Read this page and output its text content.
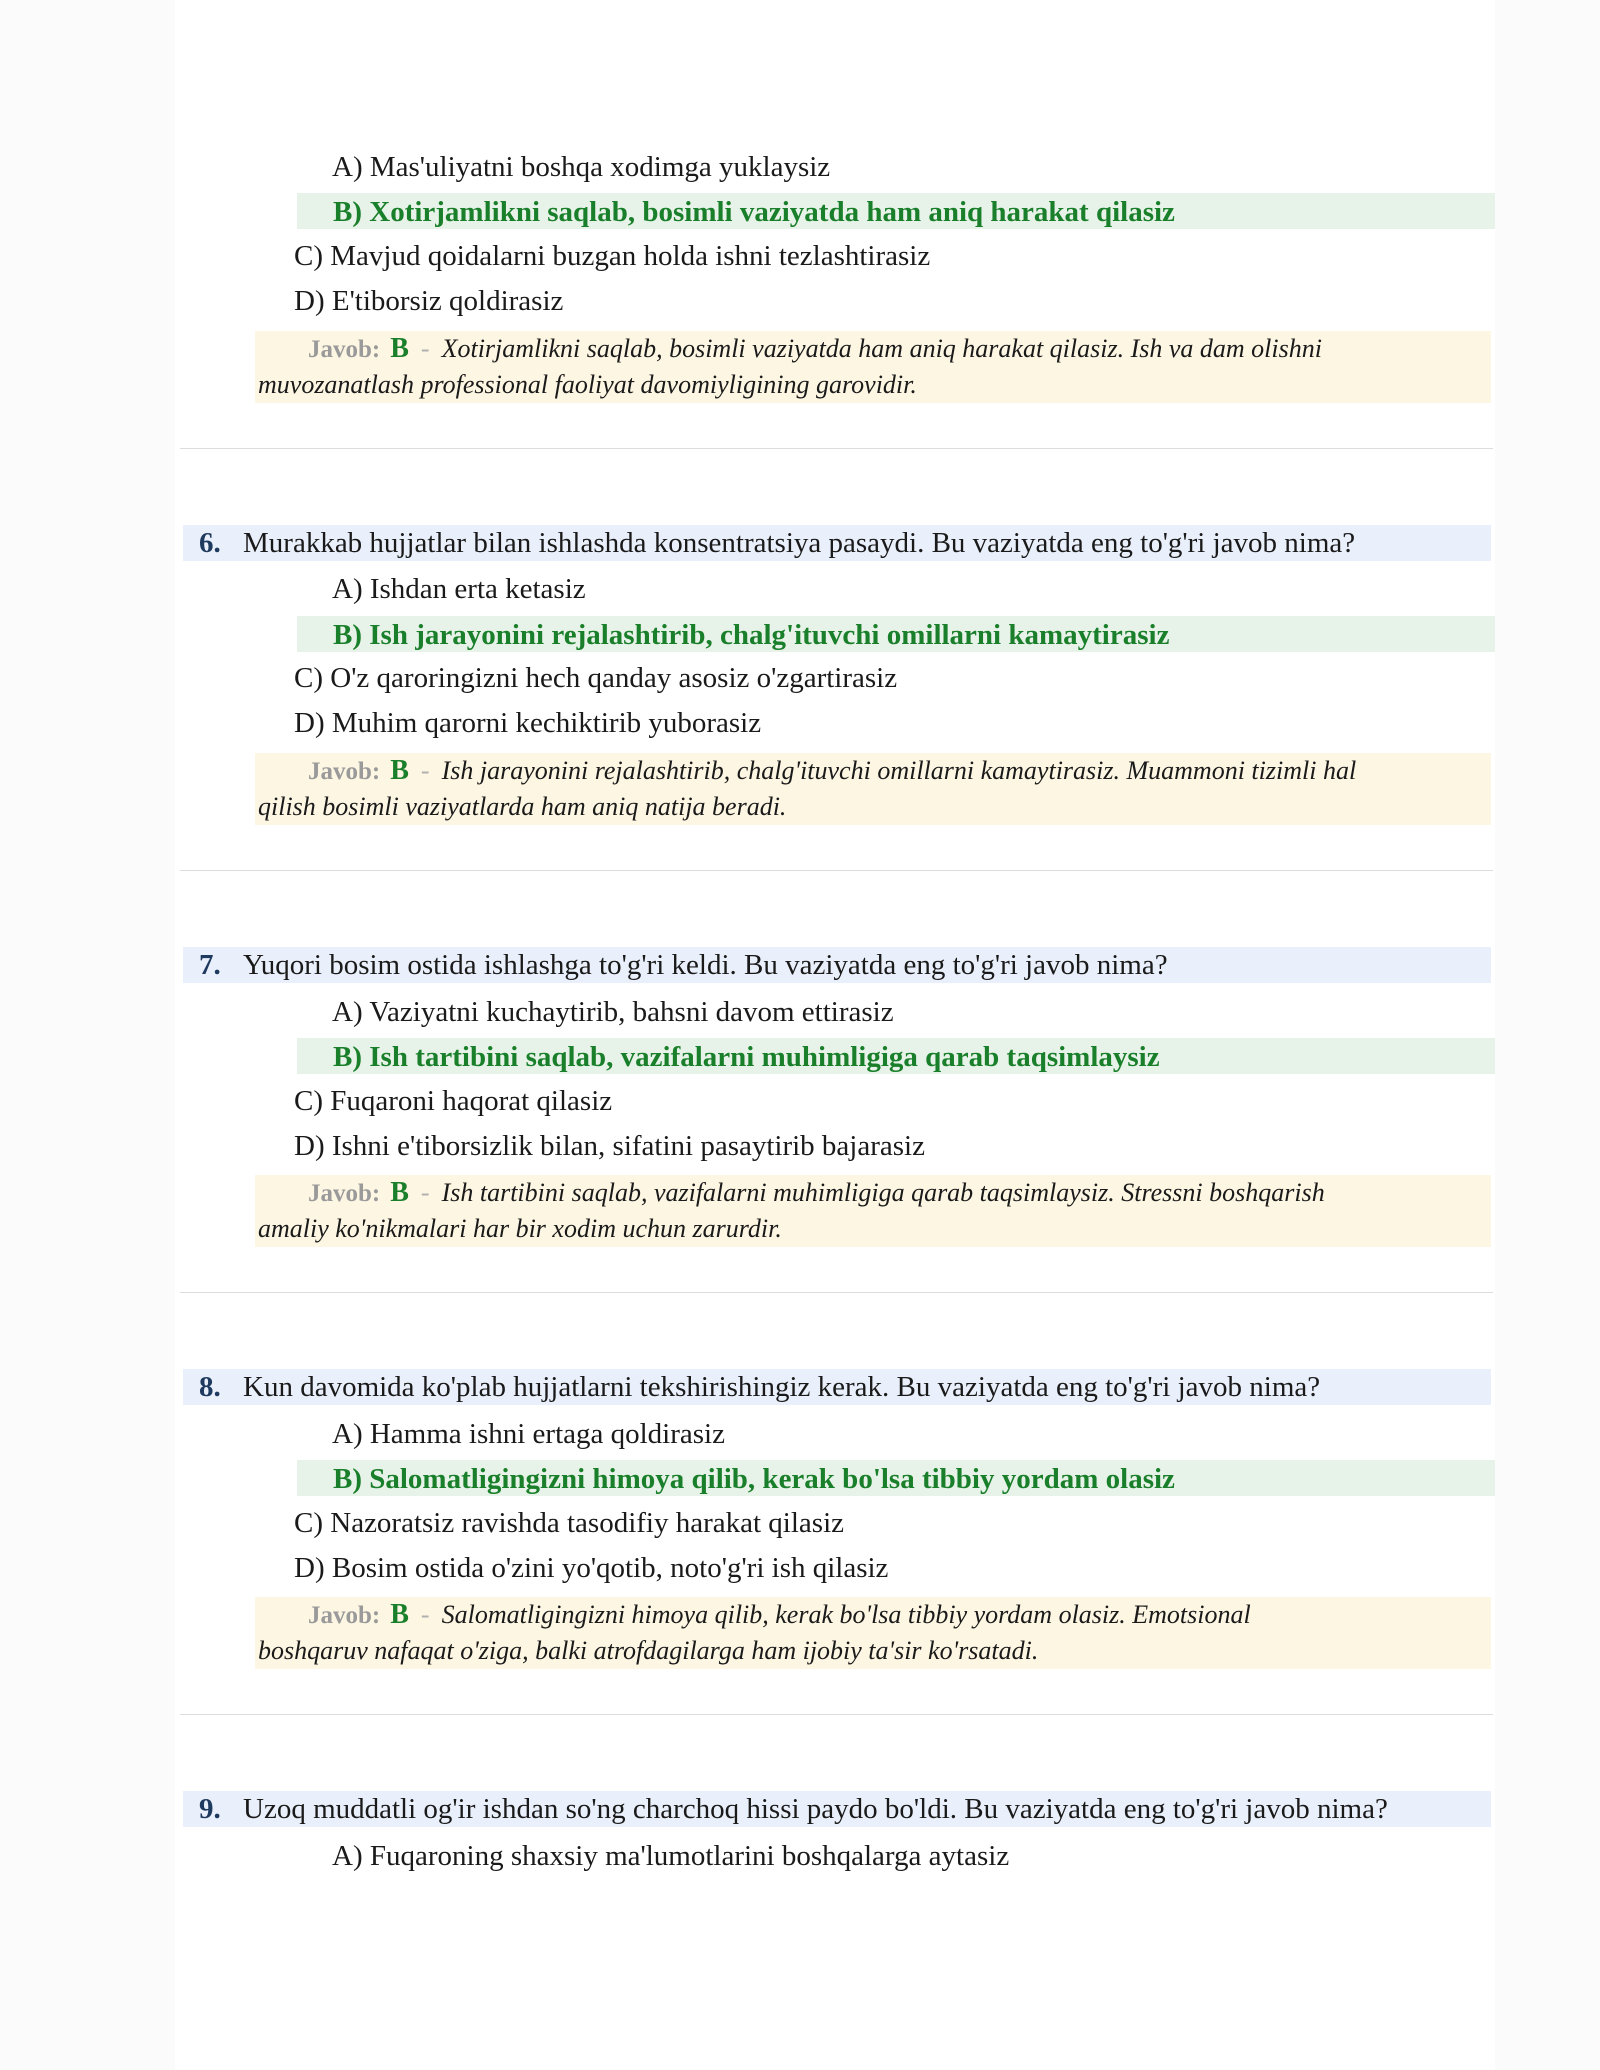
A) Mas'uliyatni boshqa xodimga yuklaysiz
B) Xotirjamlikni saqlab, bosimli vaziyatda ham aniq harakat qilasiz
C) Mavjud qoidalarni buzgan holda ishni tezlashtirasiz
D) E'tiborsiz qoldirasiz
Javob: B - Xotirjamlikni saqlab, bosimli vaziyatda ham aniq harakat qilasiz. Ish va dam olishni
muvozanatlash professional faoliyat davomiyligining garovidir.
6. Murakkab hujjatlar bilan ishlashda konsentratsiya pasaydi. Bu vaziyatda eng to'g'ri javob nima?
A) Ishdan erta ketasiz
B) Ish jarayonini rejalashtirib, chalg'ituvchi omillarni kamaytirasiz
C) O'z qaroringizni hech qanday asosiz o'zgartirasiz
D) Muhim qarorni kechiktirib yuborasiz
Javob: B - Ish jarayonini rejalashtirib, chalg'ituvchi omillarni kamaytirasiz. Muammoni tizimli hal
qilish bosimli vaziyatlarda ham aniq natija beradi.
7. Yuqori bosim ostida ishlashga to'g'ri keldi. Bu vaziyatda eng to'g'ri javob nima?
A) Vaziyatni kuchaytirib, bahsni davom ettirasiz
B) Ish tartibini saqlab, vazifalarni muhimligiga qarab taqsimlaysiz
C) Fuqaroni haqorat qilasiz
D) Ishni e'tiborsizlik bilan, sifatini pasaytirib bajarasiz
Javob: B - Ish tartibini saqlab, vazifalarni muhimligiga qarab taqsimlaysiz. Stressni boshqarish
amaliy ko'nikmalari har bir xodim uchun zarurdir.
8. Kun davomida ko'plab hujjatlarni tekshirishingiz kerak. Bu vaziyatda eng to'g'ri javob nima?
A) Hamma ishni ertaga qoldirasiz
B) Salomatligingizni himoya qilib, kerak bo'lsa tibbiy yordam olasiz
C) Nazoratsiz ravishda tasodifiy harakat qilasiz
D) Bosim ostida o'zini yo'qotib, noto'g'ri ish qilasiz
Javob: B - Salomatligingizni himoya qilib, kerak bo'lsa tibbiy yordam olasiz. Emotsional
boshqaruv nafaqat o'ziga, balki atrofdagilarga ham ijobiy ta'sir ko'rsatadi.
9. Uzoq muddatli og'ir ishdan so'ng charchoq hissi paydo bo'ldi. Bu vaziyatda eng to'g'ri javob nima?
A) Fuqaroning shaxsiy ma'lumotlarini boshqalarga aytasiz
